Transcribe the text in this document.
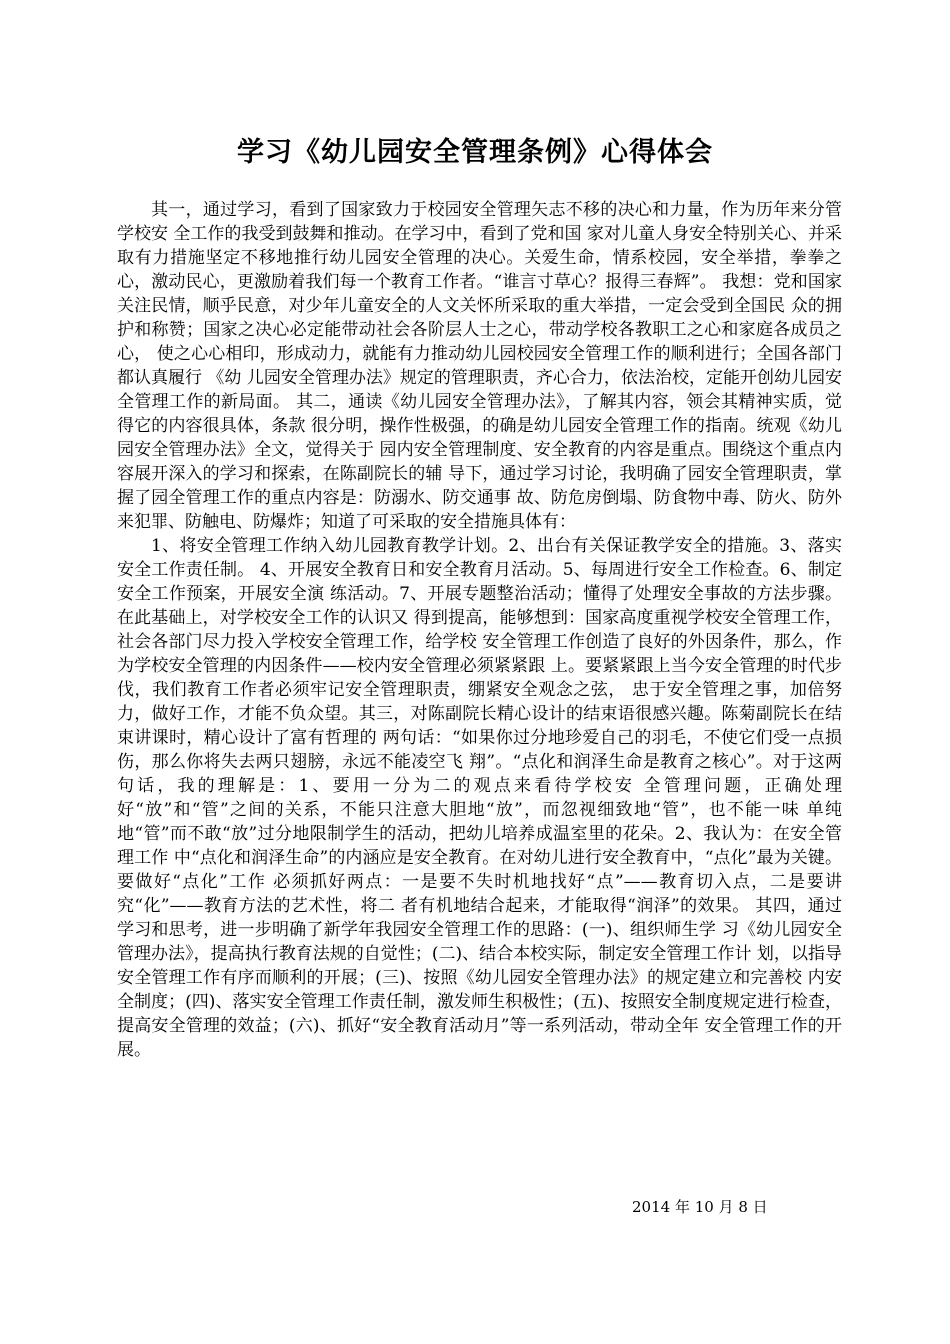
学习《幼儿园安全管理条例》心得体会

其一，通过学习，看到了国家致力于校园安全管理矢志不移的决心和力量，作为历年来分管学校安 全工作的我受到鼓舞和推动。在学习中，看到了党和国 家对儿童人身安全特别关心、并采取有力措施坚定不移地推行幼儿园安全管理的决心。关爱生命，情系校园，安全举措，拳拳之心，激动民心，更激励着我们每一个教育工作者。“谁言寸草心？报得三春辉”。 我想：党和国家关注民情，顺乎民意，对少年儿童安全的人文关怀所采取的重大举措，一定会受到全国民 众的拥护和称赞；国家之决心必定能带动社会各阶层人士之心，带动学校各教职工之心和家庭各成员之心， 使之心心相印，形成动力，就能有力推动幼儿园校园安全管理工作的顺利进行；全国各部门都认真履行 《幼 儿园安全管理办法》规定的管理职责，齐心合力，依法治校，定能开创幼儿园安全管理工作的新局面。 其二，通读《幼儿园安全管理办法》，了解其内容，领会其精神实质，觉得它的内容很具体，条款 很分明，操作性极强，的确是幼儿园安全管理工作的指南。统观《幼儿园安全管理办法》全文，觉得关于 园内安全管理制度、安全教育的内容是重点。围绕这个重点内容展开深入的学习和探索，在陈副院长的辅 导下，通过学习讨论，我明确了园安全管理职责，掌握了园全管理工作的重点内容是：防溺水、防交通事 故、防危房倒塌、防食物中毒、防火、防外来犯罪、防触电、防爆炸；知道了可采取的安全措施具体有：

1、将安全管理工作纳入幼儿园教育教学计划。2、出台有关保证教学安全的措施。3、落实安全工作责任制。 4、开展安全教育日和安全教育月活动。5、每周进行安全工作检查。6、制定安全工作预案，开展安全演 练活动。7、开展专题整治活动；懂得了处理安全事故的方法步骤。在此基础上，对学校安全工作的认识又 得到提高，能够想到：国家高度重视学校安全管理工作，社会各部门尽力投入学校安全管理工作，给学校 安全管理工作创造了良好的外因条件，那么，作为学校安全管理的内因条件——校内安全管理必须紧紧跟 上。要紧紧跟上当今安全管理的时代步伐，我们教育工作者必须牢记安全管理职责，绷紧安全观念之弦， 忠于安全管理之事，加倍努力，做好工作，才能不负众望。其三，对陈副院长精心设计的结束语很感兴趣。陈菊副院长在结束讲课时，精心设计了富有哲理的 两句话：“如果你过分地珍爱自己的羽毛，不使它们受一点损伤，那么你将失去两只翅膀，永远不能凌空飞 翔”。“点化和润泽生命是教育之核心”。对于这两句话，我的理解是：1、要用一分为二的观点来看待学校安 全管理问题，正确处理好“放”和“管”之间的关系，不能只注意大胆地“放”，而忽视细致地“管”，也不能一味 单纯地“管”而不敢“放”过分地限制学生的活动，把幼儿培养成温室里的花朵。2、我认为：在安全管理工作 中“点化和润泽生命”的内涵应是安全教育。在对幼儿进行安全教育中，“点化”最为关键。要做好“点化”工作 必须抓好两点：一是要不失时机地找好“点”——教育切入点，二是要讲究“化”——教育方法的艺术性，将二 者有机地结合起来，才能取得“润泽”的效果。 其四，通过学习和思考，进一步明确了新学年我园安全管理工作的思路：(一)、组织师生学 习《幼儿园安全管理办法》，提高执行教育法规的自觉性；(二)、结合本校实际，制定安全管理工作计 划，以指导安全管理工作有序而顺利的开展；(三)、按照《幼儿园安全管理办法》的规定建立和完善校 内安全制度；(四)、落实安全管理工作责任制，激发师生积极性；(五)、按照安全制度规定进行检查，提高安全管理的效益；(六)、抓好“安全教育活动月”等一系列活动，带动全年 安全管理工作的开展。

2014 年 10 月 8 日
